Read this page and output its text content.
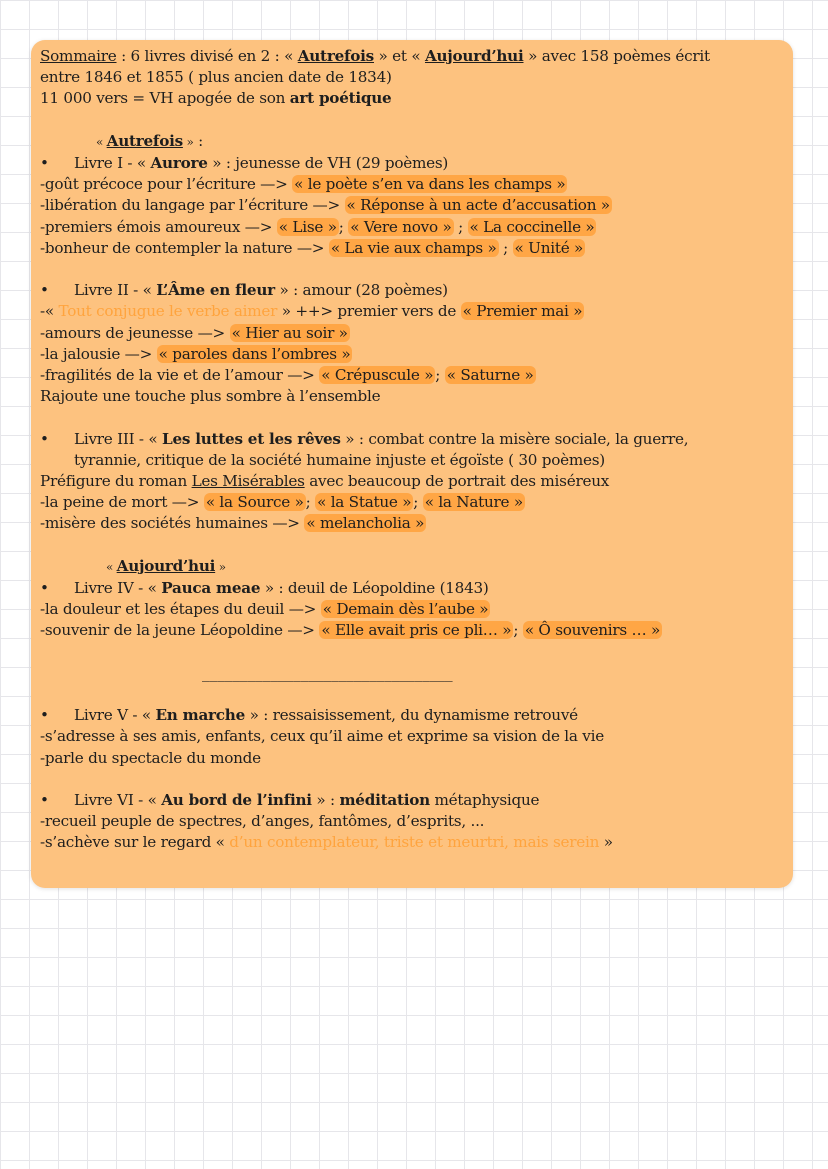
Sommaire : 6 livres divisé en 2 : « Autrefois » et « Aujourd’hui » avec 158 poèmes écrit
entre 1846 et 1855 ( plus ancien date de 1834)
11 000 vers = VH apogée de son art poétique
« Autrefois » :
• Livre I - « Aurore » : jeunesse de VH (29 poèmes)
-goût précoce pour l’écriture —> « le poète s’en va dans les champs »
-libération du langage par l’écriture —> « Réponse à un acte d’accusation »
-premiers émois amoureux —> « Lise » ; « Vere novo » ; « La coccinelle »
-bonheur de contempler la nature —> « La vie aux champs » ; « Unité »
• Livre II - « L’Âme en fleur » : amour (28 poèmes)
-« Tout conjugue le verbe aimer » ++> premier vers de « Premier mai »
-amours de jeunesse —> « Hier au soir »
-la jalousie —> « paroles dans l’ombres »
-fragilités de la vie et de l’amour —> « Crépuscule » ; « Saturne »
Rajoute une touche plus sombre à l’ensemble
• Livre III - « Les luttes et les rêves » : combat contre la misère sociale, la guerre,
tyrannie, critique de la société humaine injuste et égoïste ( 30 poèmes)
Préfigure du roman Les Misérables avec beaucoup de portrait des miséreux
-la peine de mort —> « la Source » ; « la Statue » ; « la Nature »
-misère des sociétés humaines —> « melancholia »
« Aujourd’hui »
• Livre IV - « Pauca meae » : deuil de Léopoldine (1843)
-la douleur et les étapes du deuil —> « Demain dès l’aube »
-souvenir de la jeune Léopoldine —> « Elle avait pris ce pli… » ; « Ô souvenirs … »
_________________________________
• Livre V - « En marche » : ressaisissement, du dynamisme retrouvé
-s’adresse à ses amis, enfants, ceux qu’il aime et exprime sa vision de la vie
-parle du spectacle du monde
• Livre VI - « Au bord de l’infini » : méditation métaphysique
-recueil peuple de spectres, d’anges, fantômes, d’esprits, ...
-s’achève sur le regard « d’un contemplateur, triste et meurtri, mais serein »
